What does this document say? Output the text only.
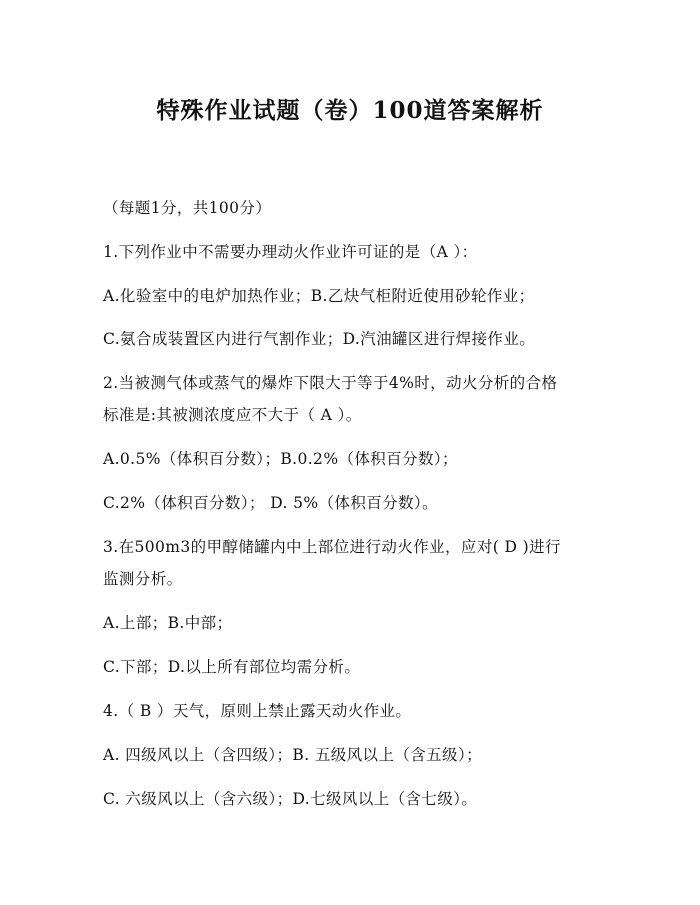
特殊作业试题（卷）100道答案解析
（每题1分，共100分）
1.下列作业中不需要办理动火作业许可证的是（A ）：
A.化验室中的电炉加热作业；B.乙炔气柜附近使用砂轮作业；
C.氨合成装置区内进行气割作业；D.汽油罐区进行焊接作业。
2.当被测气体或蒸气的爆炸下限大于等于4%时，动火分析的合格
标准是:其被测浓度应不大于（ A ）。
A.0.5%（体积百分数）；B.0.2%（体积百分数）；
C.2%（体积百分数）； D. 5%（体积百分数）。
3.在500m3的甲醇储罐内中上部位进行动火作业，应对( D )进行
监测分析。
A.上部；B.中部；
C.下部；D.以上所有部位均需分析。
4.（ B ）天气，原则上禁止露天动火作业。
A. 四级风以上（含四级）；B. 五级风以上（含五级）；
C. 六级风以上（含六级）；D.七级风以上（含七级）。
